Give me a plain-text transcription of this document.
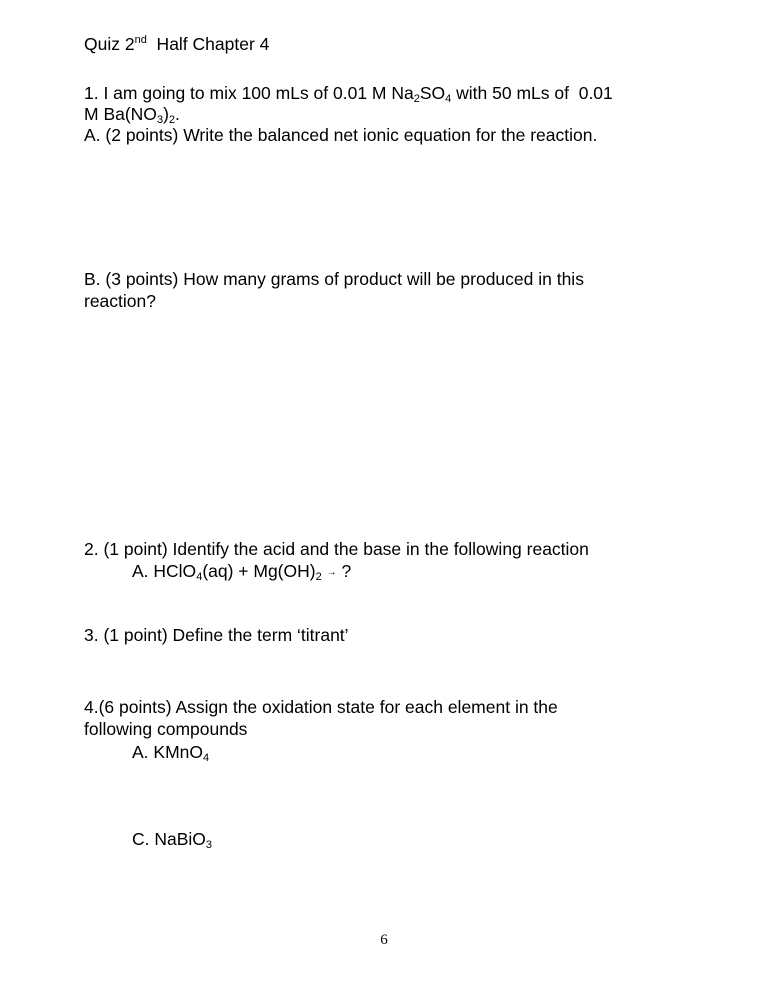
Quiz 2nd  Half Chapter 4
1. I am going to mix 100 mLs of 0.01 M $Na_2SO_4$ with 50 mLs of  0.01
M $Ba(NO_3)_2$.
A. (2 points) Write the balanced net ionic equation for the reaction.
B. (3 points) How many grams of product will be produced in this
reaction?
2. (1 point) Identify the acid and the base in the following reaction
A. HClO$_4$(aq) + $Mg(OH)_2$ → ?
3. (1 point) Define the term ‘titrant’
4.(6 points) Assign the oxidation state for each element in the
following compounds
A. KMnO$_4$
C. NaBiO$_3$
6
